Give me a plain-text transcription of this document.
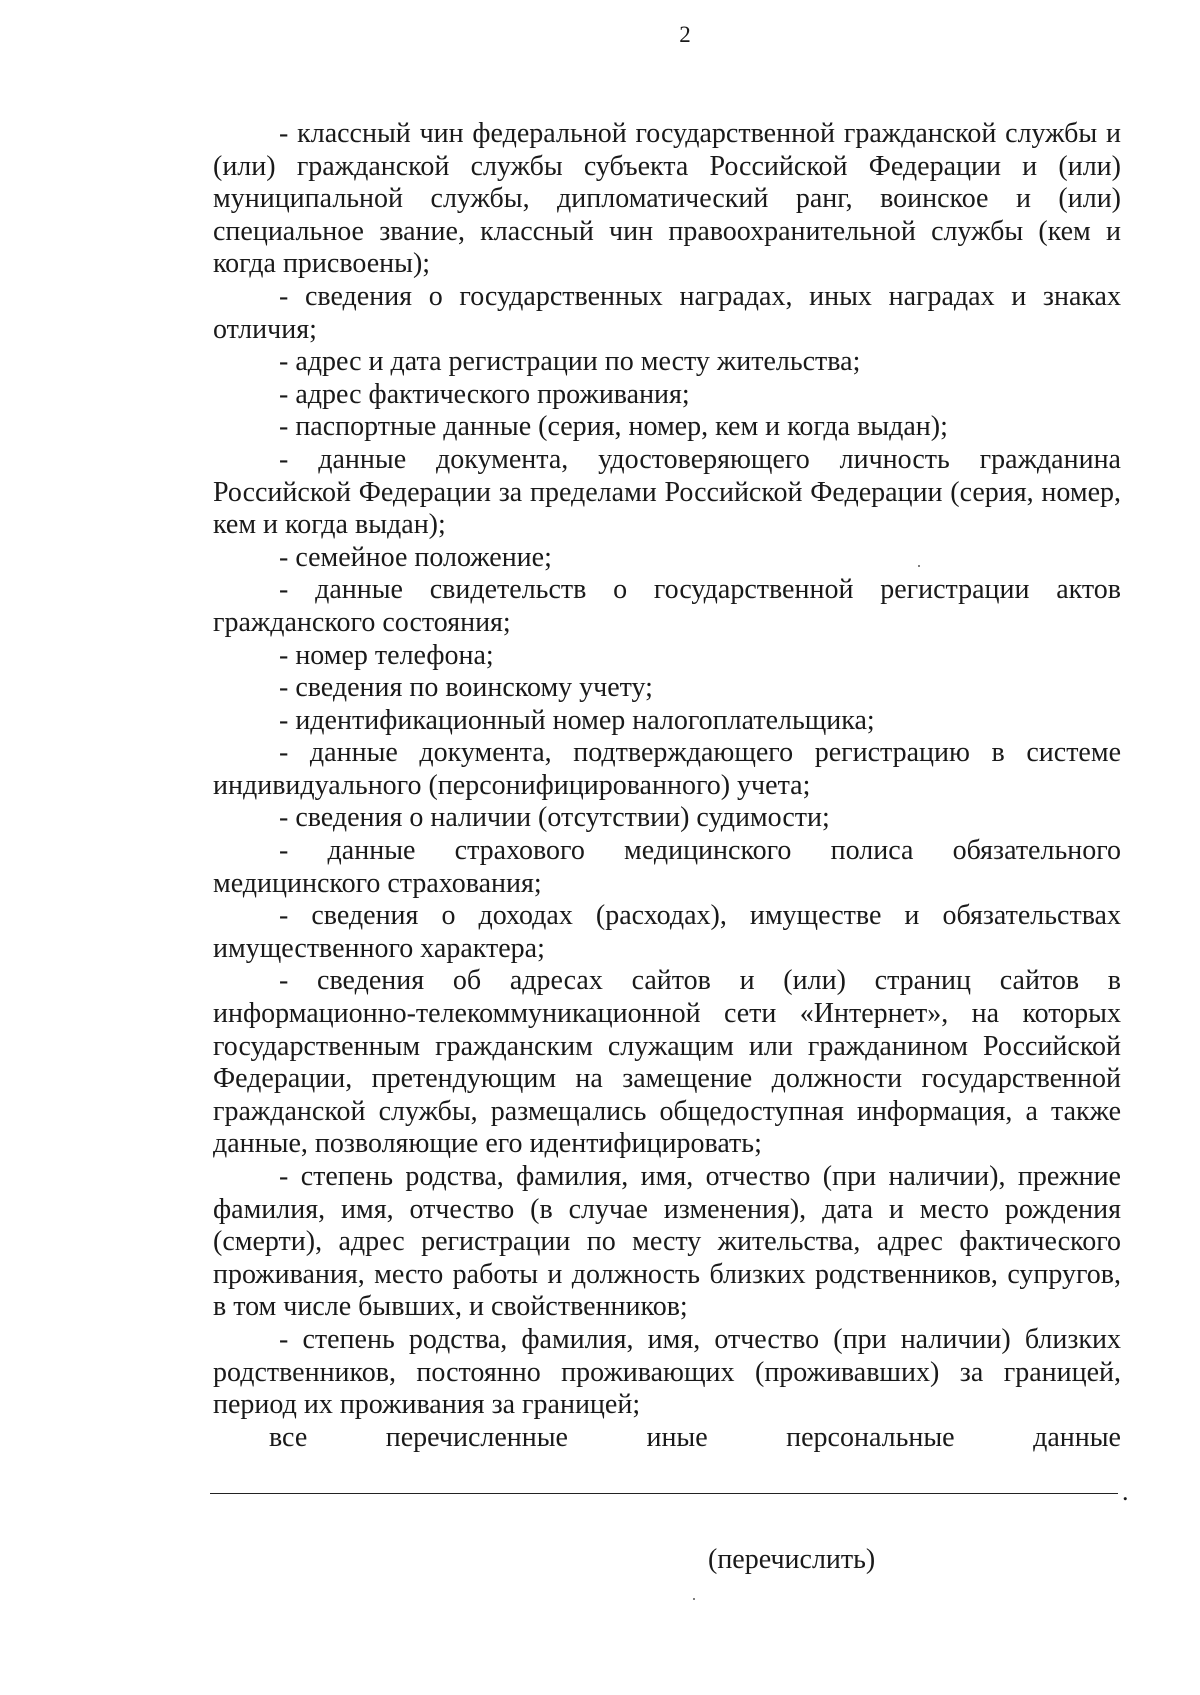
2

- классный чин федеральной государственной гражданской службы и (или) гражданской службы субъекта Российской Федерации и (или) муниципальной службы, дипломатический ранг, воинское и (или) специальное звание, классный чин правоохранительной службы (кем и когда присвоены);

- сведения о государственных наградах, иных наградах и знаках отличия;

- адрес и дата регистрации по месту жительства;

- адрес фактического проживания;

- паспортные данные (серия, номер, кем и когда выдан);

- данные документа, удостоверяющего личность гражданина Российской Федерации за пределами Российской Федерации (серия, номер, кем и когда выдан);

- семейное положение;

- данные свидетельств о государственной регистрации актов гражданского состояния;

- номер телефона;

- сведения по воинскому учету;

- идентификационный номер налогоплательщика;

- данные документа, подтверждающего регистрацию в системе индивидуального (персонифицированного) учета;

- сведения о наличии (отсутствии) судимости;

- данные страхового медицинского полиса обязательного медицинского страхования;

- сведения о доходах (расходах), имуществе и обязательствах имущественного характера;

- сведения об адресах сайтов и (или) страниц сайтов в информационно-телекоммуникационной сети «Интернет», на которых государственным гражданским служащим или гражданином Российской Федерации, претендующим на замещение должности государственной гражданской службы, размещались общедоступная информация, а также данные, позволяющие его идентифицировать;

- степень родства, фамилия, имя, отчество (при наличии), прежние фамилия, имя, отчество (в случае изменения), дата и место рождения (смерти), адрес регистрации по месту жительства, адрес фактического проживания, место работы и должность близких родственников, супругов, в том числе бывших, и свойственников;

- степень родства, фамилия, имя, отчество (при наличии) близких родственников, постоянно проживающих (проживавших) за границей, период их проживания за границей;

все	перечисленные	иные	персональные	данные

.
(перечислить)
